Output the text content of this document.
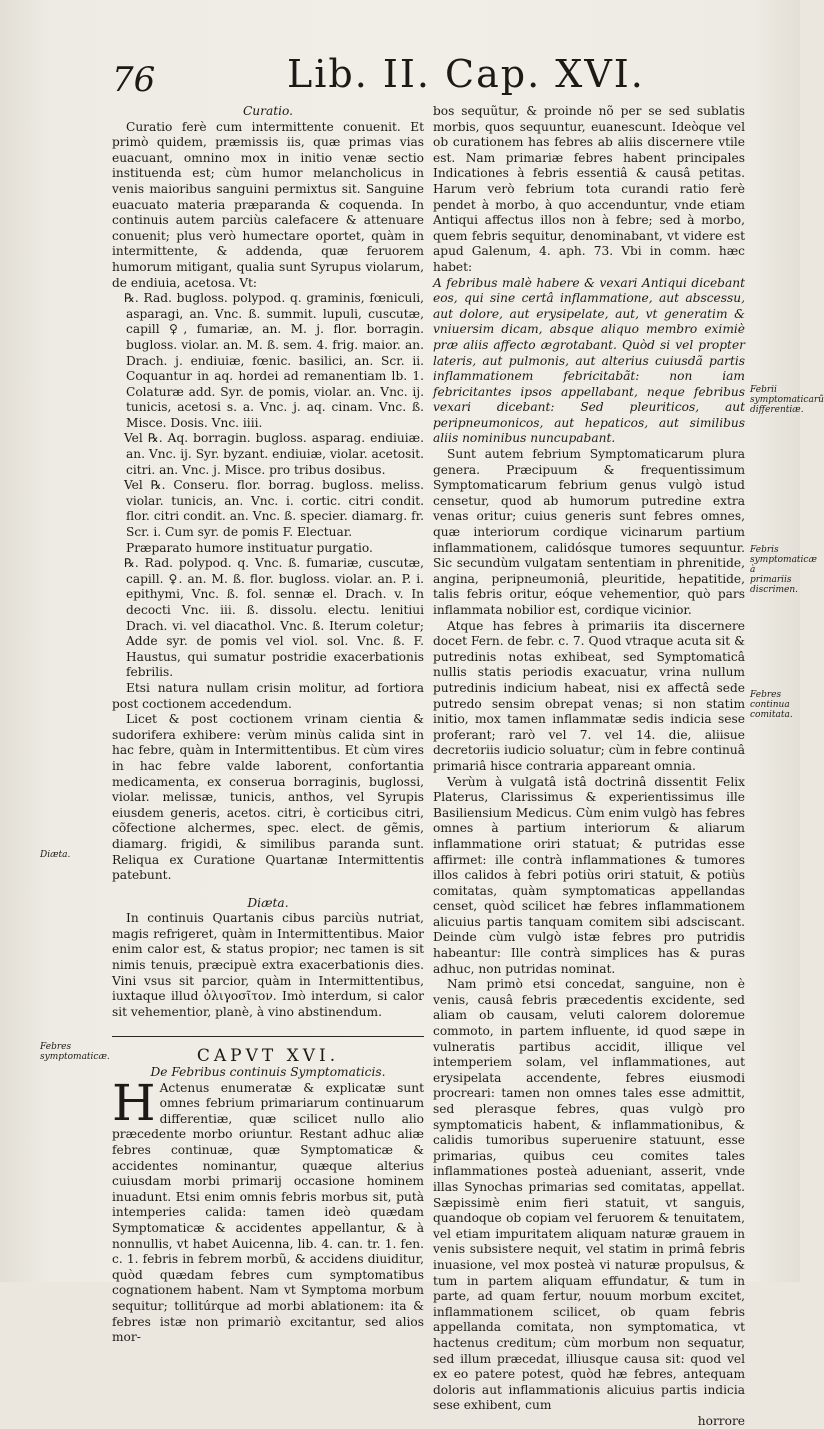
76	Lib. II. Cap. XVI.

Curatio.

Curatio ferè cum intermittente conuenit. Et primò quidem, præmissis iis, quæ primas vias euacuant, omnino mox in initio venæ sectio instituenda est; cùm humor melancholicus in venis maioribus sanguini permixtus sit. Sanguine euacuato materia præparanda & coquenda. In continuis autem parciùs calefacere & attenuare conuenit; plus verò humectare oportet, quàm in intermittente, & addenda, quæ feruorem humorum mitigant, qualia sunt Syrupus violarum, de endiuia, acetosa. Vt:

℞. Rad. bugloss. polypod. q. graminis, fœniculi, asparagi, an. Vnc. ß. summit. lupuli, cuscutæ, capill ♀, fumariæ, an. M. j. flor. borragin. bugloss. violar. an. M. ß. sem. 4. frig. maior. an. Drach. j. endiuiæ, fœnic. basilici, an. Scr. ii. Coquantur in aq. hordei ad remanentiam lb. 1. Colaturæ add. Syr. de pomis, violar. an. Vnc. ij. tunicis, acetosi s. a. Vnc. j. aq. cinam. Vnc. ß. Misce. Dosis. Vnc. iiii.

Vel ℞. Aq. borragin. bugloss. asparag. endiuiæ. an. Vnc. ij. Syr. byzant. endiuiæ, violar. acetosit. citri. an. Vnc. j. Misce. pro tribus dosibus.

Vel ℞. Conseru. flor. borrag. bugloss. meliss. violar. tunicis, an. Vnc. i. cortic. citri condit. flor. citri condit. an. Vnc. ß. specier. diamarg. fr. Scr. i. Cum syr. de pomis F. Electuar.

Præparato humore instituatur purgatio.

℞. Rad. polypod. q. Vnc. ß. fumariæ, cuscutæ, capill. ♀. an. M. ß. flor. bugloss. violar. an. P. i. epithymi, Vnc. ß. fol. sennæ el. Drach. v. In decocti Vnc. iii. ß. dissolu. electu. lenitiui Drach. vi. vel diacathol. Vnc. ß. Iterum coletur; Adde syr. de pomis vel viol. sol. Vnc. ß. F. Haustus, qui sumatur postridie exacerbationis febrilis.

Etsi natura nullam crisin molitur, ad fortiora post coctionem accedendum.

Licet & post coctionem vrinam cientia & sudorifera exhibere: verùm minùs calida sint in hac febre, quàm in Intermittentibus. Et cùm vires in hac febre valde laborent, confortantia medicamenta, ex conserua borraginis, buglossi, violar. melissæ, tunicis, anthos, vel Syrupis eiusdem generis, acetos. citri, è corticibus citri, cõfectione alchermes, spec. elect. de gẽmis, diamarg. frigidi, & similibus paranda sunt. Reliqua ex Curatione Quartanæ Intermittentis patebunt.

Diæta.

In continuis Quartanis cibus parciùs nutriat, magis refrigeret, quàm in Intermittentibus. Maior enim calor est, & status propior; nec tamen is sit nimis tenuis, præcipuè extra exacerbationis dies. Vini vsus sit parcior, quàm in Intermittentibus, iuxtaque illud ὀλιγοσῖτον. Imò interdum, si calor sit vehementior, planè, à vino abstinendum.

CAPVT XVI.

De Febribus continuis Symptomaticis.

H Actenus enumeratæ & explicatæ sunt omnes febrium primariarum continuarum differentiæ, quæ scilicet nullo alio præcedente morbo oriuntur. Restant adhuc aliæ febres continuæ, quæ Symptomaticæ & accidentes nominantur, quæque alterius cuiusdam morbi primarij occasione hominem inuadunt. Etsi enim omnis febris morbus sit, putà intemperies calida: tamen ideò quædam Symptomaticæ & accidentes appellantur, & à nonnullis, vt habet Auicenna, lib. 4. can. tr. 1. fen. c. 1. febris in febrem morbũ, & accidens diuiditur, quòd quædam febres cum symptomatibus cognationem habent. Nam vt Symptoma morbum sequitur; tollitúrque ad morbi ablationem: ita & febres istæ non primariò excitantur, sed alios mor-

bos sequũtur, & proinde nõ per se sed sublatis morbis, quos sequuntur, euanescunt. Ideòque vel ob curationem has febres ab aliis discernere vtile est. Nam primariæ febres habent principales Indicationes à febris essentiâ & causâ petitas. Harum verò febrium tota curandi ratio ferè pendet à morbo, à quo accenduntur, vnde etiam Antiqui affectus illos non à febre; sed à morbo, quem febris sequitur, denominabant, vt videre est apud Galenum, 4. aph. 73. Vbi in comm. hæc habet:

A febribus malè habere & vexari Antiqui dicebant eos, qui sine certâ inflammatione, aut abscessu, aut dolore, aut erysipelate, aut, vt generatim & vniuersim dicam, absque aliquo membro eximiè præ aliis affecto ægrotabant. Quòd si vel propter lateris, aut pulmonis, aut alterius cuiusdã partis inflammationem febricitabãt: non iam febricitantes ipsos appellabant, neque febribus vexari dicebant: Sed pleuriticos, aut peripneumonicos, aut hepaticos, aut similibus aliis nominibus nuncupabant.

Sunt autem febrium Symptomaticarum plura genera. Præcipuum & frequentissimum Symptomaticarum febrium genus vulgò istud censetur, quod ab humorum putredine extra venas oritur; cuius generis sunt febres omnes, quæ interiorum cordique vicinarum partium inflammationem, calidósque tumores sequuntur. Sic secundùm vulgatam sententiam in phrenitide, angina, peripneumoniâ, pleuritide, hepatitide, talis febris oritur, eóque vehementior, quò pars inflammata nobilior est, cordique vicinior.

Atque has febres à primariis ita discernere docet Fern. de febr. c. 7. Quod vtraque acuta sit & putredinis notas exhibeat, sed Symptomaticâ nullis statis periodis exacuatur, vrina nullum putredinis indicium habeat, nisi ex affectâ sede putredo sensim obrepat venas; si non statim initio, mox tamen inflammatæ sedis indicia sese proferant; rarò vel 7. vel 14. die, aliisue decretoriis iudicio soluatur; cùm in febre continuâ primariâ hisce contraria appareant omnia.

Verùm à vulgatâ istâ doctrinâ dissentit Felix Platerus, Clarissimus & experientissimus ille Basiliensium Medicus. Cùm enim vulgò has febres omnes à partium interiorum & aliarum inflammatione oriri statuat; & putridas esse affirmet: ille contrà inflammationes & tumores illos calidos à febri potiùs oriri statuit, & potiùs comitatas, quàm symptomaticas appellandas censet, quòd scilicet hæ febres inflammationem alicuius partis tanquam comitem sibi adsciscant. Deinde cùm vulgò istæ febres pro putridis habeantur: Ille contrà simplices has & puras adhuc, non putridas nominat.

Nam primò etsi concedat, sanguine, non è venis, causâ febris præcedentis excidente, sed aliam ob causam, veluti calorem doloremue commoto, in partem influente, id quod sæpe in vulneratis partibus accidit, illique vel intemperiem solam, vel inflammationes, aut erysipelata accendente, febres eiusmodi procreari: tamen non omnes tales esse admittit, sed plerasque febres, quas vulgò pro symptomaticis habent, & inflammationibus, & calidis tumoribus superuenire statuunt, esse primarias, quibus ceu comites tales inflammationes posteà adueniant, asserit, vnde illas Synochas primarias sed comitatas, appellat. Sæpissimè enim fieri statuit, vt sanguis, quandoque ob copiam vel feruorem & tenuitatem, vel etiam impuritatem aliquam naturæ grauem in venis subsistere nequit, vel statim in primâ febris inuasione, vel mox posteà vi naturæ propulsus, & tum in partem aliquam effundatur, & tum in parte, ad quam fertur, nouum morbum excitet, inflammationem scilicet, ob quam febris appellanda comitata, non symptomatica, vt hactenus creditum; cùm morbum non sequatur, sed illum præcedat, illiusque causa sit: quod vel ex eo patere potest, quòd hæ febres, antequam doloris aut inflammationis alicuius partis indicia sese exhibent, cum

horrore

Febrii symptomaticarũ differentiæ.
Febris symptomaticæ à primariis discrimen.
Febres continua comitata.
Diæta.
Febres symptomaticæ.
